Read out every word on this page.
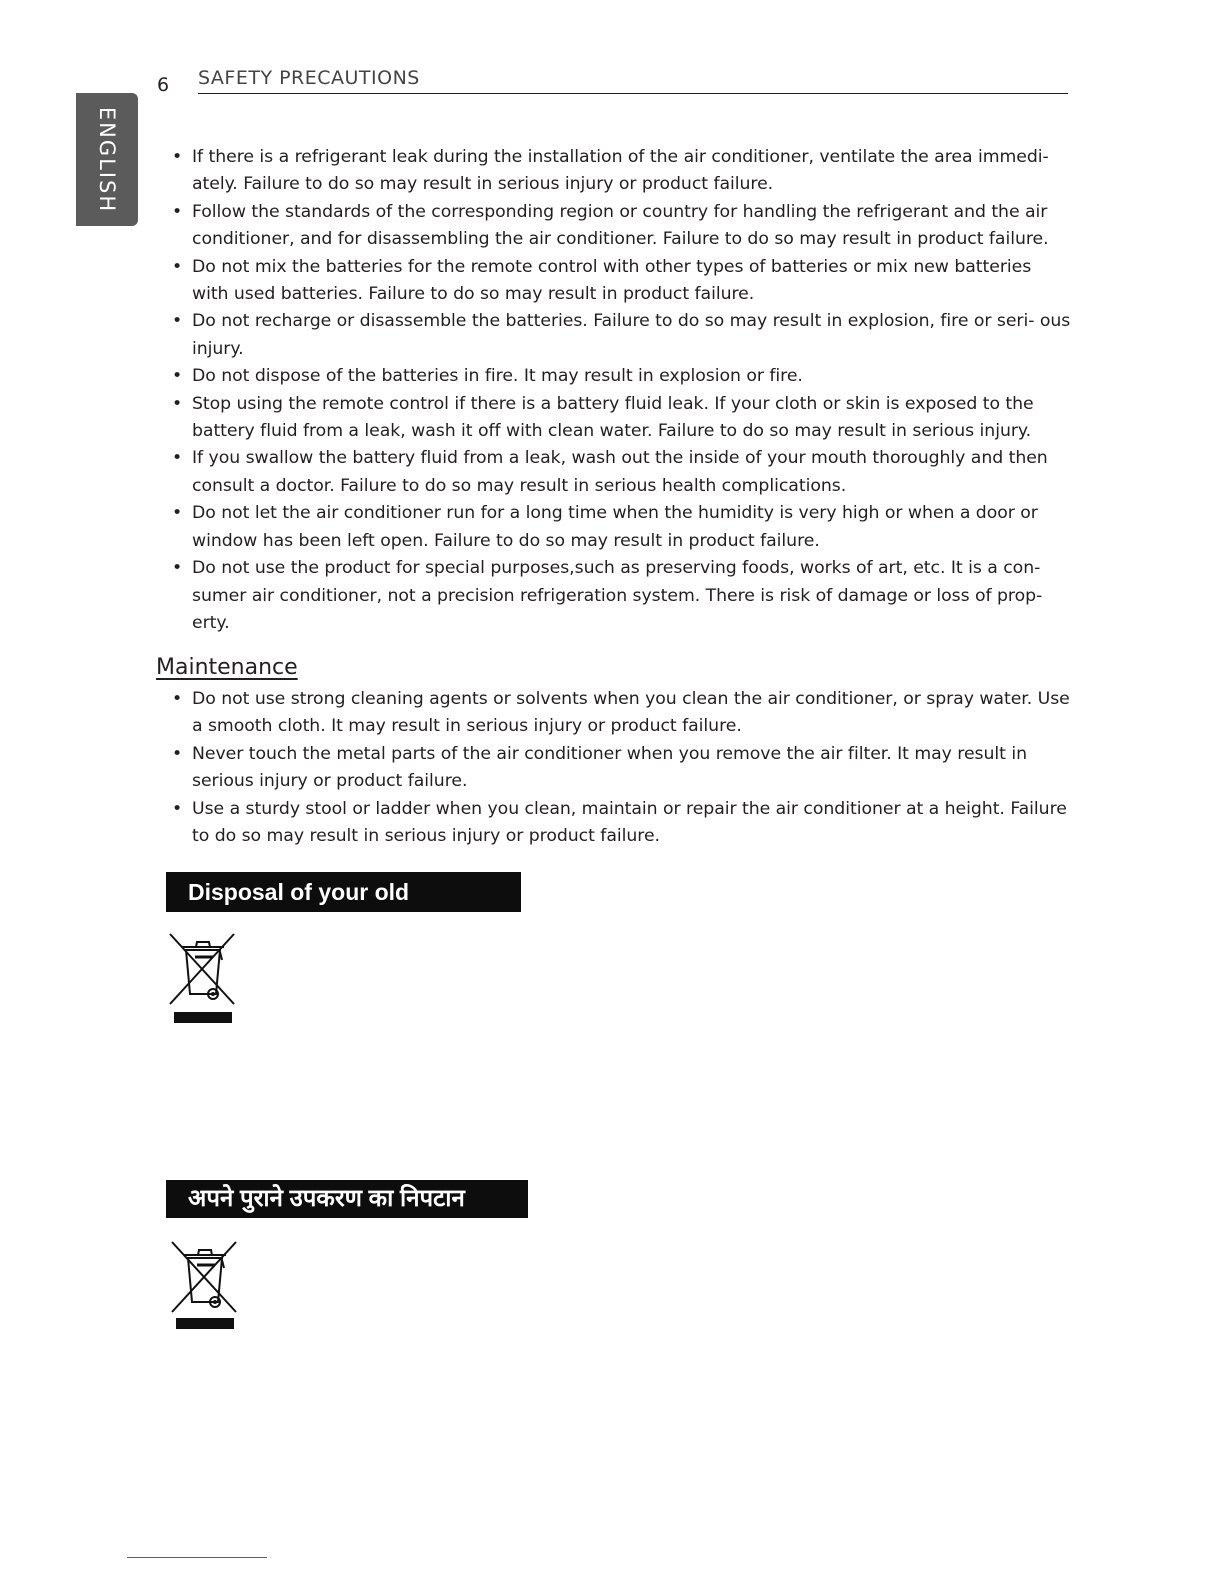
ENGLISH
6 SAFETY PRECAUTIONS
• If there is a refrigerant leak during the installation of the air conditioner, ventilate the area immedi- ately. Failure to do so may result in serious injury or product failure.
• Follow the standards of the corresponding region or country for handling the refrigerant and the air conditioner, and for disassembling the air conditioner. Failure to do so may result in product failure.
• Do not mix the batteries for the remote control with other types of batteries or mix new batteries with used batteries. Failure to do so may result in product failure.
• Do not recharge or disassemble the batteries. Failure to do so may result in explosion, fire or seri- ous injury.
• Do not dispose of the batteries in fire. It may result in explosion or fire.
• Stop using the remote control if there is a battery fluid leak. If your cloth or skin is exposed to the battery fluid from a leak, wash it off with clean water. Failure to do so may result in serious injury.
• If you swallow the battery fluid from a leak, wash out the inside of your mouth thoroughly and then consult a doctor. Failure to do so may result in serious health complications.
• Do not let the air conditioner run for a long time when the humidity is very high or when a door or window has been left open. Failure to do so may result in product failure.
• Do not use the product for special purposes,such as preserving foods, works of art, etc. It is a con- sumer air conditioner, not a precision refrigeration system. There is risk of damage or loss of prop- erty.
Maintenance
• Do not use strong cleaning agents or solvents when you clean the air conditioner, or spray water. Use a smooth cloth. It may result in serious injury or product failure.
• Never touch the metal parts of the air conditioner when you remove the air filter. It may result in serious injury or product failure.
• Use a sturdy stool or ladder when you clean, maintain or repair the air conditioner at a height. Failure to do so may result in serious injury or product failure.
Disposal of your old appliance
अपने पुराने उपकरण का निपटान
